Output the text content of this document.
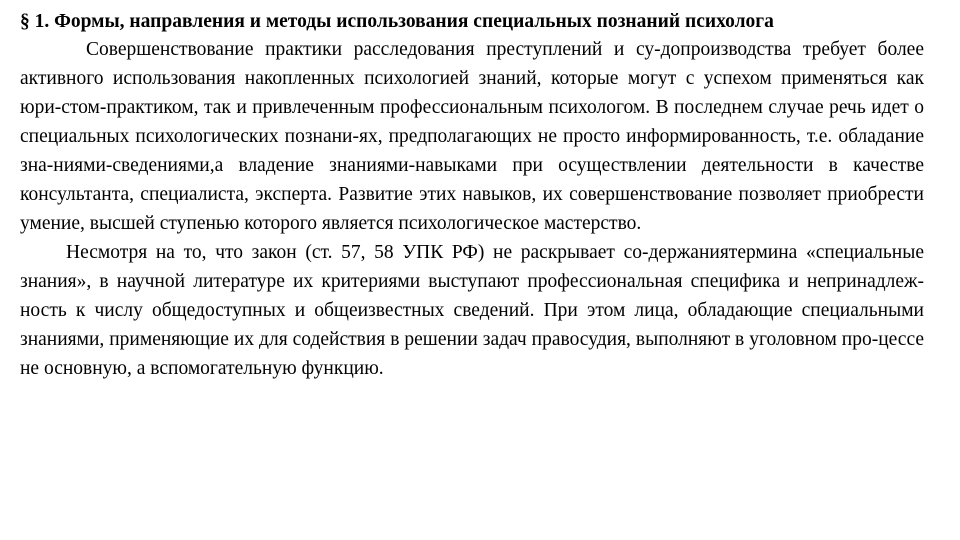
§ 1. Формы, направления и методы использования специальных познаний психолога

Совершенствование практики расследования преступлений и су-допроизводства требует более активного использования накопленных психологией знаний, которые могут с успехом применяться как юри-стом-практиком, так и привлеченным профессиональным психологом. В последнем случае речь идет о специальных психологических познани-ях, предполагающих не просто информированность, т.е. обладание зна-ниями-сведениями,а владение знаниями-навыками при осуществлении деятельности в качестве консультанта, специалиста, эксперта. Развитие этих навыков, их совершенствование позволяет приобрести умение, высшей ступенью которого является психологическое мастерство.

Несмотря на то, что закон (ст. 57, 58 УПК РФ) не раскрывает со-держаниятермина «специальные знания», в научной литературе их критериями выступают профессиональная специфика и непринадлеж-ность к числу общедоступных и общеизвестных сведений. При этом лица, обладающие специальными знаниями, применяющие их для содействия в решении задач правосудия, выполняют в уголовном про-цессе не основную, а вспомогательную функцию.
